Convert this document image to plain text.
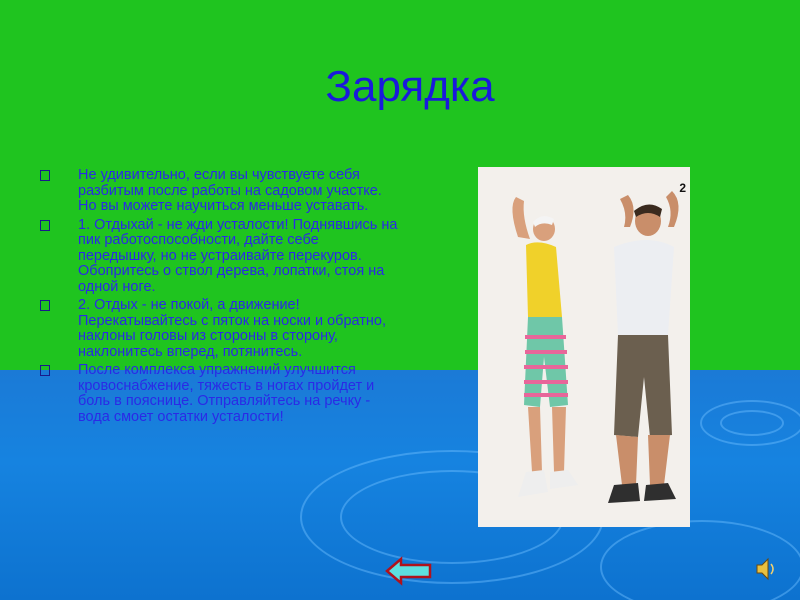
Зарядка
Не удивительно, если вы чувствуете себя разбитым после работы на садовом участке. Но вы можете научиться меньше уставать.
1. Отдыхай - не жди усталости! Поднявшись на пик работоспособности, дайте себе передышку, но не устраивайте перекуров. Обопритесь о ствол дерева, лопатки, стоя на одной ноге.
2. Отдых - не покой, а движение! Перекатывайтесь с пяток на носки и обратно, наклоны головы из стороны в сторону, наклонитесь вперед, потянитесь.
После комплекса упражнений улучшится кровоснабжение, тяжесть в ногах пройдет и боль в пояснице. Отправляйтесь на речку - вода смоет остатки усталости!
2
